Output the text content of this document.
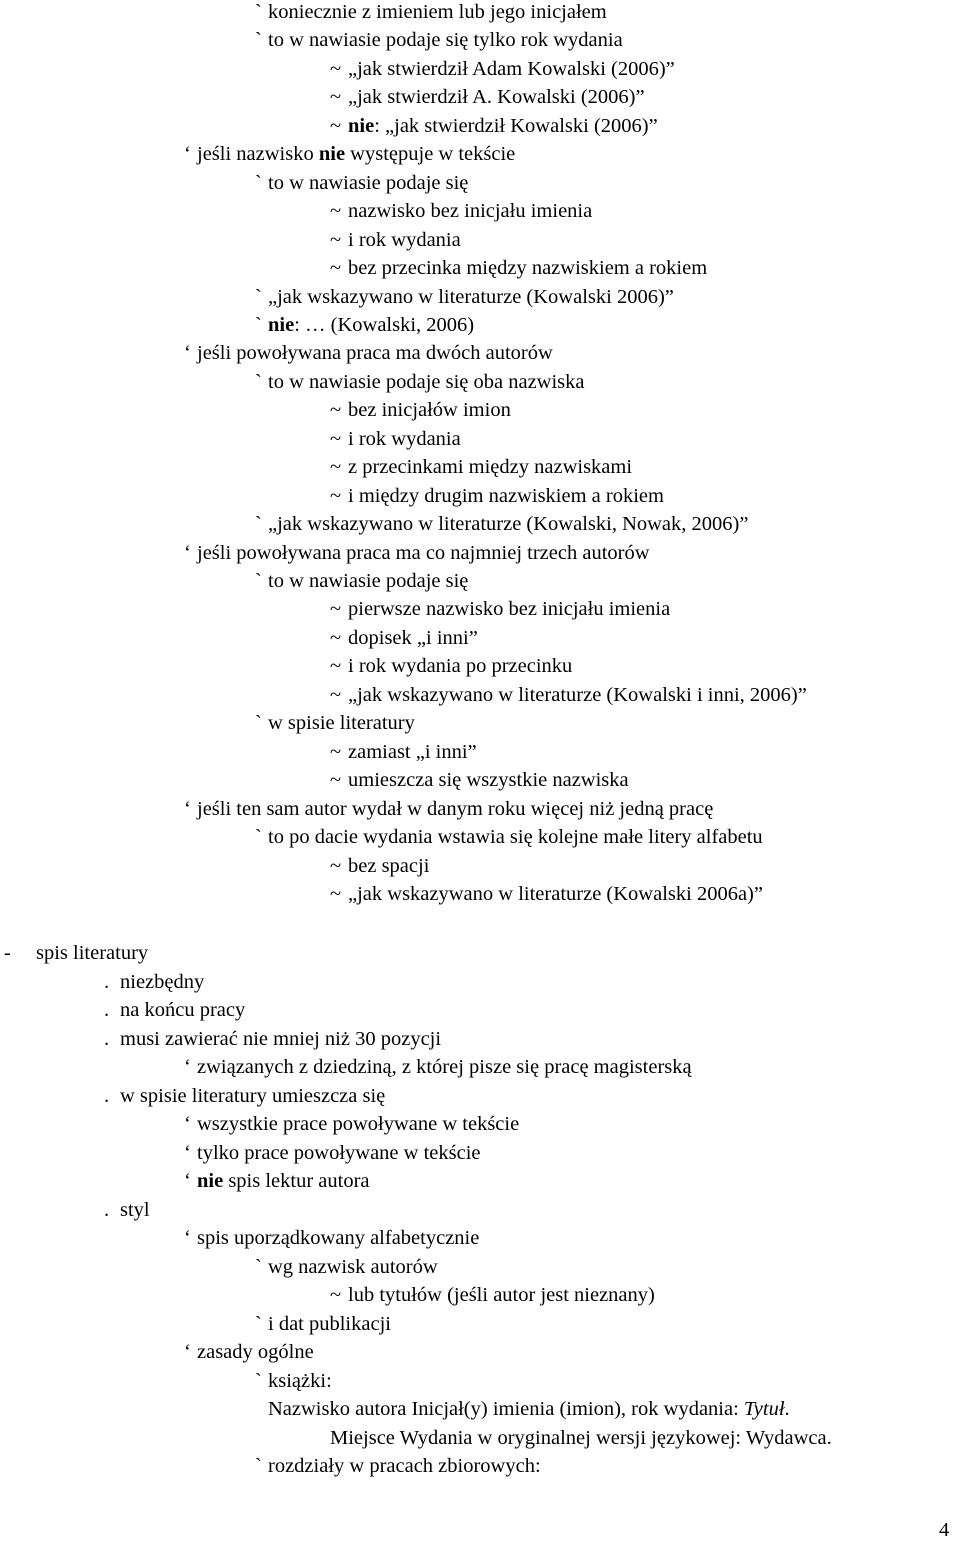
` koniecznie z imieniem lub jego inicjałem
` to w nawiasie podaje się tylko rok wydania
~ „jak stwierdził Adam Kowalski (2006)”
~ „jak stwierdził A. Kowalski (2006)”
~ nie: „jak stwierdził Kowalski (2006)”
‘ jeśli nazwisko nie występuje w tekście
` to w nawiasie podaje się
~ nazwisko bez inicjału imienia
~ i rok wydania
~ bez przecinka między nazwiskiem a rokiem
` „jak wskazywano w literaturze (Kowalski 2006)”
` nie: … (Kowalski, 2006)
‘ jeśli powoływana praca ma dwóch autorów
` to w nawiasie podaje się oba nazwiska
~ bez inicjałów imion
~ i rok wydania
~ z przecinkami między nazwiskami
~ i między drugim nazwiskiem a rokiem
` „jak wskazywano w literaturze (Kowalski, Nowak, 2006)”
‘ jeśli powoływana praca ma co najmniej trzech autorów
` to w nawiasie podaje się
~ pierwsze nazwisko bez inicjału imienia
~ dopisek „i inni”
~ i rok wydania po przecinku
~ „jak wskazywano w literaturze (Kowalski i inni, 2006)”
` w spisie literatury
~ zamiast „i inni”
~ umieszcza się wszystkie nazwiska
‘ jeśli ten sam autor wydał w danym roku więcej niż jedną pracę
` to po dacie wydania wstawia się kolejne małe litery alfabetu
~ bez spacji
~ „jak wskazywano w literaturze (Kowalski 2006a)”
-	spis literatury
. niezbędny
. na końcu pracy
. musi zawierać nie mniej niż 30 pozycji
‘ związanych z dziedziną, z której pisze się pracę magisterską
. w spisie literatury umieszcza się
‘ wszystkie prace powoływane w tekście
‘ tylko prace powoływane w tekście
‘ nie spis lektur autora
. styl
‘ spis uporządkowany alfabetycznie
` wg nazwisk autorów
~ lub tytułów (jeśli autor jest nieznany)
` i dat publikacji
‘ zasady ogólne
` książki:
Nazwisko autora Inicjał(y) imienia (imion), rok wydania: Tytuł.
Miejsce Wydania w oryginalnej wersji językowej: Wydawca.
` rozdziały w pracach zbiorowych:
4
